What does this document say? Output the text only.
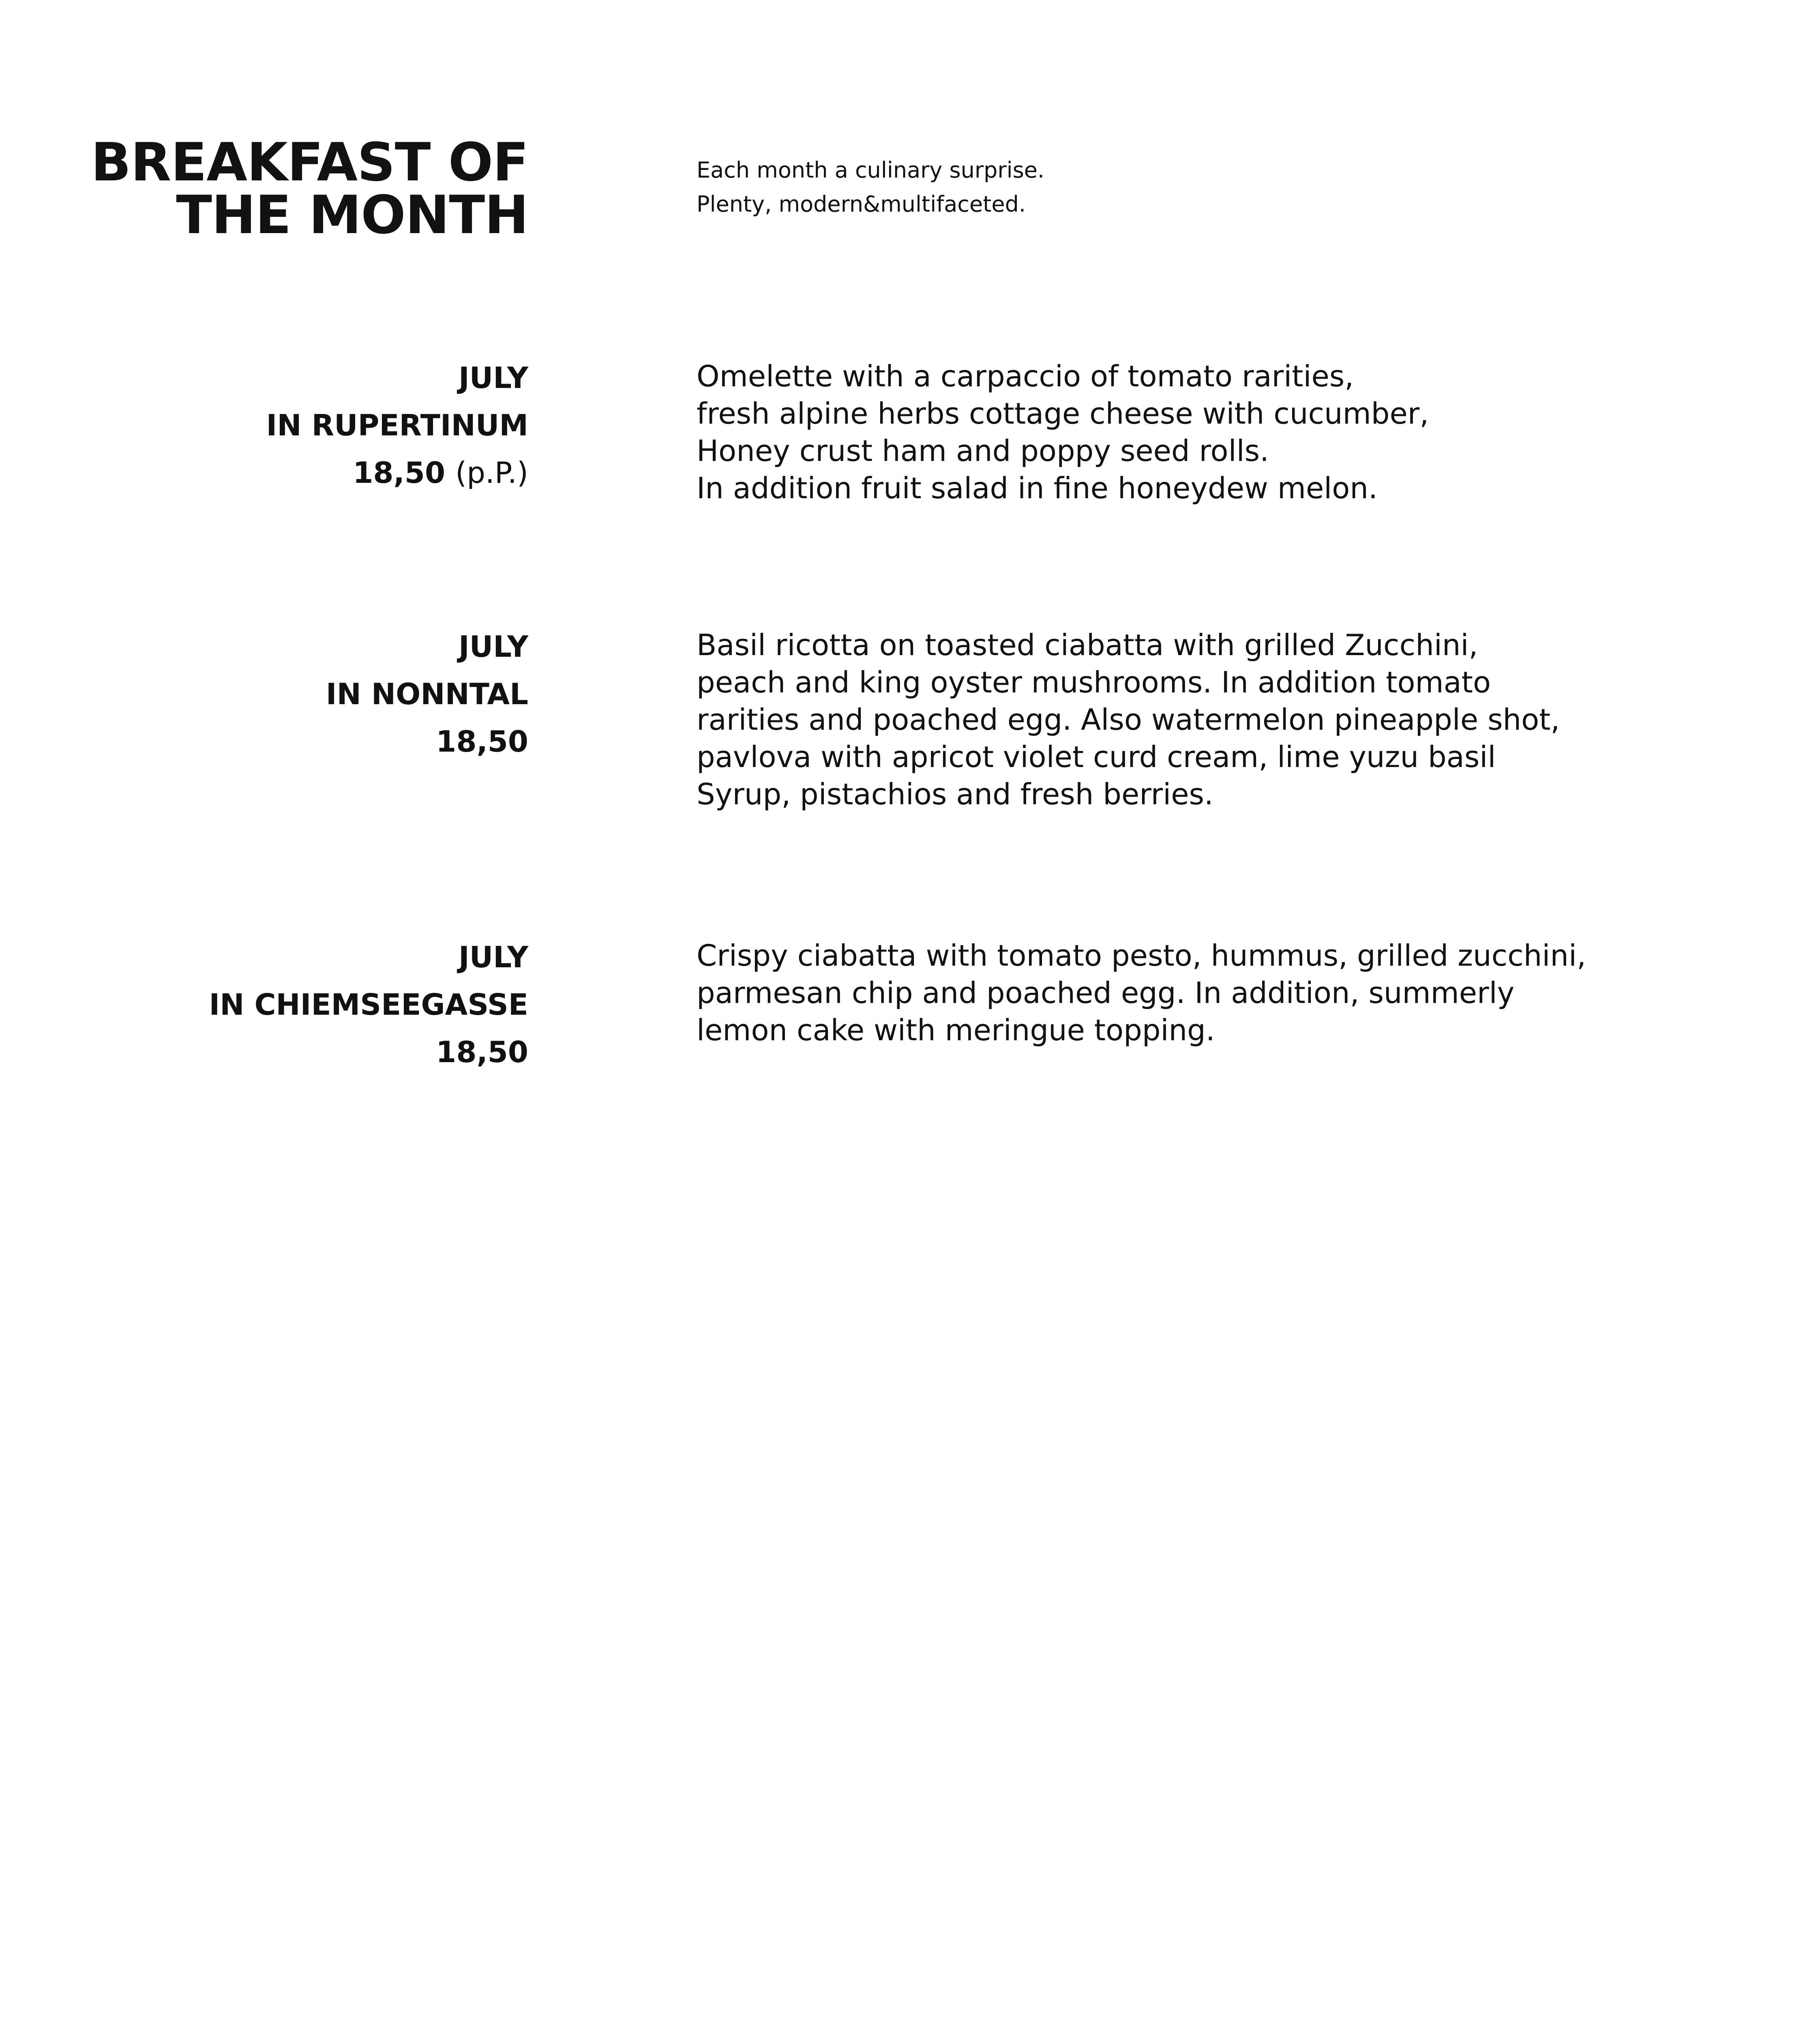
BREAKFAST OF
THE MONTH
Each month a culinary surprise.
Plenty, modern&multifaceted.
JULY
IN RUPERTINUM
18,50 (p.P.)
Omelette with a carpaccio of tomato rarities,
fresh alpine herbs cottage cheese with cucumber,
Honey crust ham and poppy seed rolls.
In addition fruit salad in fine honeydew melon.
JULY
IN NONNTAL
18,50
Basil ricotta on toasted ciabatta with grilled Zucchini,
peach and king oyster mushrooms. In addition tomato
rarities and poached egg. Also watermelon pineapple shot,
pavlova with apricot violet curd cream, lime yuzu basil
Syrup, pistachios and fresh berries.
JULY
IN CHIEMSEEGASSE
18,50
Crispy ciabatta with tomato pesto, hummus, grilled zucchini,
parmesan chip and poached egg. In addition, summerly
lemon cake with meringue topping.
